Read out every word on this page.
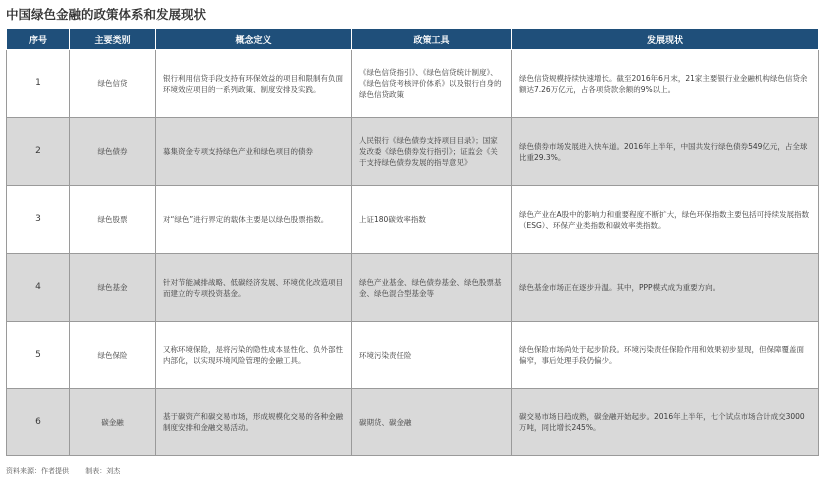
中国绿色金融的政策体系和发展现状
序号	主要类别	概念定义	政策工具	发展现状
1	绿色信贷	银行利用信贷手段支持有环保效益的项目和限制有负面环境效应项目的一系列政策、制度安排及实践。	《绿色信贷指引》、《绿色信贷统计制度》、《绿色信贷考核评价体系》以及银行自身的绿色信贷政策	绿色信贷规模持续快速增长。截至2016年6月末，21家主要银行业金融机构绿色信贷余额达7.26万亿元，占各项贷款余额的9%以上。
2	绿色债券	募集资金专项支持绿色产业和绿色项目的债券	人民银行《绿色债券支持项目目录》；国家发改委《绿色债券发行指引》；证监会《关于支持绿色债券发展的指导意见》	绿色债券市场发展进入快车道。2016年上半年，中国共发行绿色债券549亿元，占全球比重29.3%。
3	绿色股票	对“绿色”进行界定的载体主要是以绿色股票指数。	上证180碳效率指数	绿色产业在A股中的影响力和重要程度不断扩大，绿色环保指数主要包括可持续发展指数（ESG）、环保产业类指数和碳效率类指数。
4	绿色基金	针对节能减排战略、低碳经济发展、环境优化改造项目而建立的专项投资基金。	绿色产业基金、绿色债券基金、绿色股票基金、绿色混合型基金等	绿色基金市场正在逐步升温。其中，PPP模式成为重要方向。
5	绿色保险	又称环境保险，是将污染的隐性成本显性化、负外部性内部化，以实现环境风险管理的金融工具。	环境污染责任险	绿色保险市场尚处于起步阶段。环境污染责任保险作用和效果初步显现，但保障覆盖面偏窄，事后处理手段仍偏少。
6	碳金融	基于碳资产和碳交易市场，形成规模化交易的各种金融制度安排和金融交易活动。	碳期货、碳金融	碳交易市场日趋成熟，碳金融开始起步。2016年上半年，七个试点市场合计成交3000万吨，同比增长245%。
资料来源：作者提供 制表：刘杰
